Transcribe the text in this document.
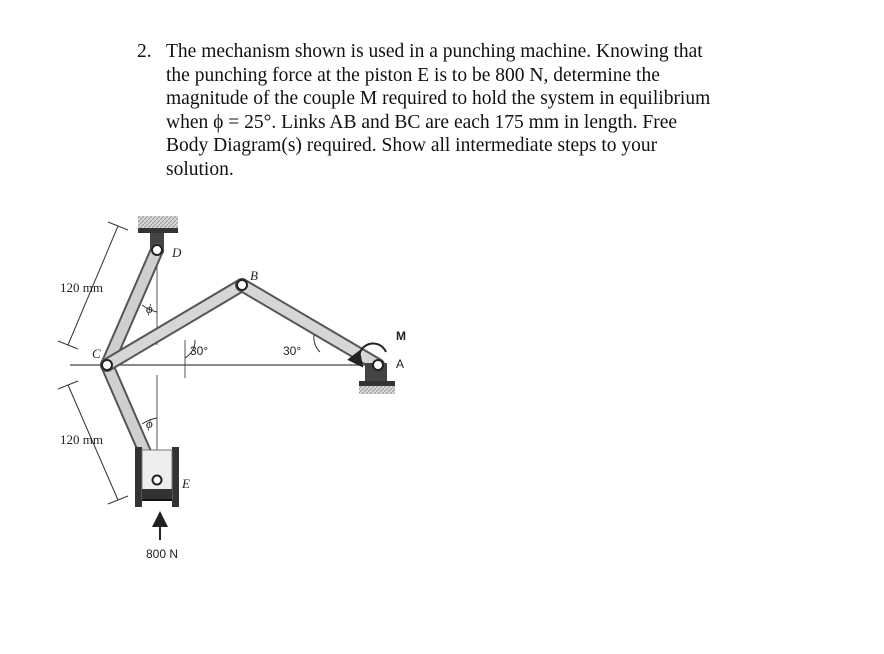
2. The mechanism shown is used in a punching machine. Knowing that
the punching force at the piston E is to be 800 N, determine the
magnitude of the couple M required to hold the system in equilibrium
when ϕ = 25°. Links AB and BC are each 175 mm in length. Free
Body Diagram(s) required. Show all intermediate steps to your
solution.
120 mm
120 mm
D
B
C
E
M
A
ϕ
ϕ
30°	30°
800 N
